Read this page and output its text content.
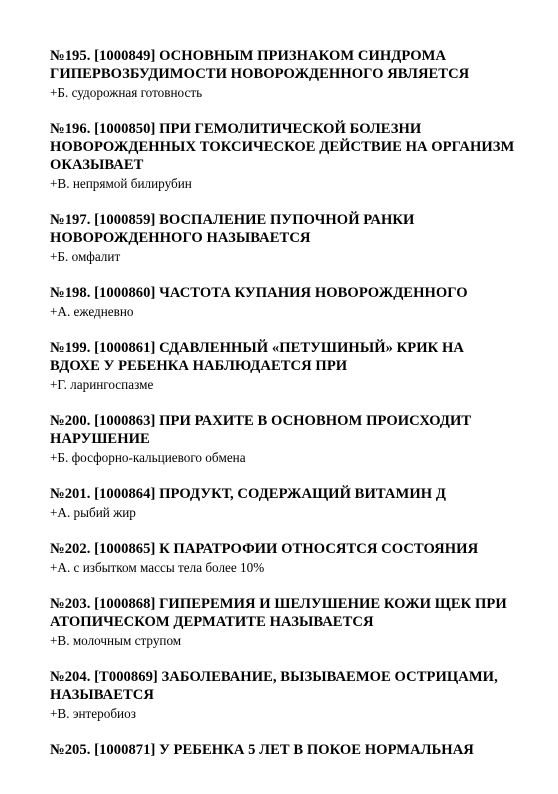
№195. [1000849] ОСНОВНЫМ ПРИЗНАКОМ СИНДРОМА
ГИПЕРВОЗБУДИМОСТИ НОВОРОЖДЕННОГО ЯВЛЯЕТСЯ
+Б. судорожная готовность
№196. [1000850] ПРИ ГЕМОЛИТИЧЕСКОЙ БОЛЕЗНИ
НОВОРОЖДЕННЫХ ТОКСИЧЕСКОЕ ДЕЙСТВИЕ НА ОРГАНИЗМ
ОКАЗЫВАЕТ
+В. непрямой билирубин
№197. [1000859] ВОСПАЛЕНИЕ ПУПОЧНОЙ РАНКИ
НОВОРОЖДЕННОГО НАЗЫВАЕТСЯ
+Б. омфалит
№198. [1000860] ЧАСТОТА КУПАНИЯ НОВОРОЖДЕННОГО
+А. ежедневно
№199. [1000861] СДАВЛЕННЫЙ «ПЕТУШИНЫЙ» КРИК НА
ВДОХЕ У РЕБЕНКА НАБЛЮДАЕТСЯ ПРИ
+Г. ларингоспазме
№200. [1000863] ПРИ РАХИТЕ В ОСНОВНОМ ПРОИСХОДИТ
НАРУШЕНИЕ
+Б. фосфорно-кальциевого обмена
№201. [1000864] ПРОДУКТ, СОДЕРЖАЩИЙ ВИТАМИН Д
+А. рыбий жир
№202. [1000865] К ПАРАТРОФИИ ОТНОСЯТСЯ СОСТОЯНИЯ
+А. с избытком массы тела более 10%
№203. [1000868] ГИПЕРЕМИЯ И ШЕЛУШЕНИЕ КОЖИ ЩЕК ПРИ
АТОПИЧЕСКОМ ДЕРМАТИТЕ НАЗЫВАЕТСЯ
+В. молочным струпом
№204. [T000869] ЗАБОЛЕВАНИЕ, ВЫЗЫВАЕМОЕ ОСТРИЦАМИ,
НАЗЫВАЕТСЯ
+В. энтеробиоз
№205. [1000871] У РЕБЕНКА 5 ЛЕТ В ПОКОЕ НОРМАЛЬНАЯ
